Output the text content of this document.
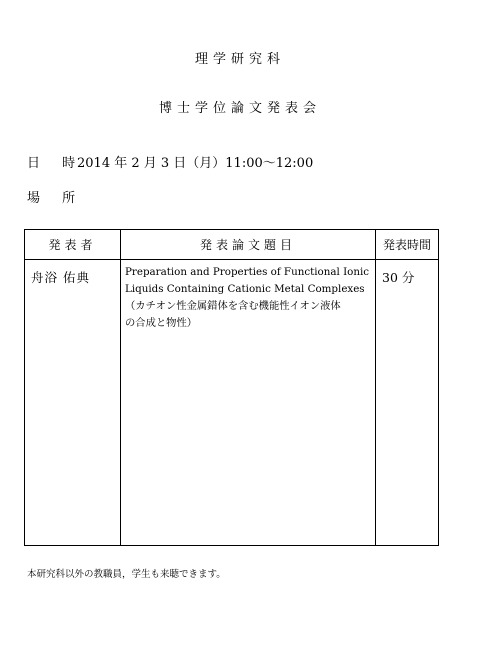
理学研究科
博士学位論文発表会
日 時
2014 年 2 月 3 日（月）11:00〜12:00
場 所
発表者	発表論文題目	発表時間
舟浴 佑典	Preparation and Properties of Functional Ionic
Liquids Containing Cationic Metal Complexes
（カチオン性金属錯体を含む機能性イオン液体
の合成と物性）	30 分
本研究科以外の教職員，学生も来聴できます。
